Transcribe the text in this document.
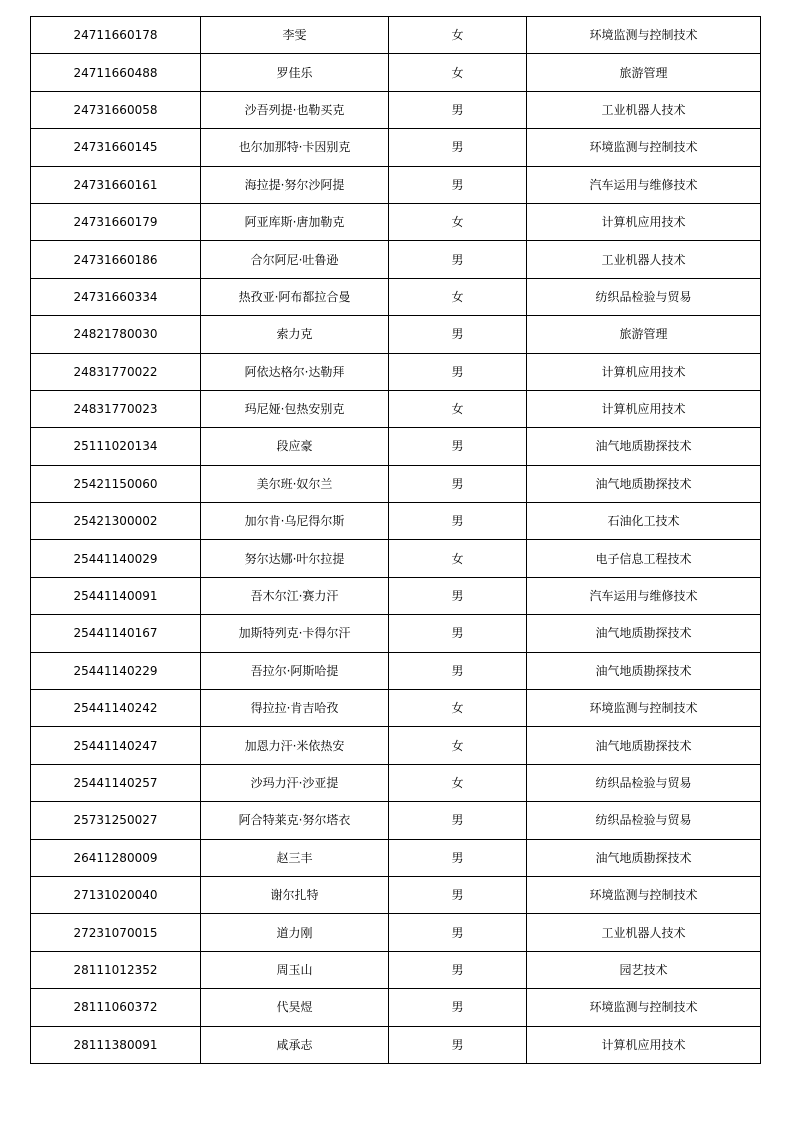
24711660178	李雯	女	环境监测与控制技术
24711660488	罗佳乐	女	旅游管理
24731660058	沙吾列提·也勒买克	男	工业机器人技术
24731660145	也尔加那特·卡因别克	男	环境监测与控制技术
24731660161	海拉提·努尔沙阿提	男	汽车运用与维修技术
24731660179	阿亚库斯·唐加勒克	女	计算机应用技术
24731660186	合尔阿尼·吐鲁逊	男	工业机器人技术
24731660334	热孜亚·阿布都拉合曼	女	纺织品检验与贸易
24821780030	索力克	男	旅游管理
24831770022	阿依达格尔·达勒拜	男	计算机应用技术
24831770023	玛尼娅·包热安别克	女	计算机应用技术
25111020134	段应豪	男	油气地质勘探技术
25421150060	美尔班·奴尔兰	男	油气地质勘探技术
25421300002	加尔肯·乌尼得尔斯	男	石油化工技术
25441140029	努尔达娜·叶尔拉提	女	电子信息工程技术
25441140091	吾木尔江·赛力汗	男	汽车运用与维修技术
25441140167	加斯特列克·卡得尔汗	男	油气地质勘探技术
25441140229	吾拉尔·阿斯哈提	男	油气地质勘探技术
25441140242	得拉拉·肯吉哈孜	女	环境监测与控制技术
25441140247	加恩力汗·米依热安	女	油气地质勘探技术
25441140257	沙玛力汗·沙亚提	女	纺织品检验与贸易
25731250027	阿合特莱克·努尔塔衣	男	纺织品检验与贸易
26411280009	赵三丰	男	油气地质勘探技术
27131020040	谢尔扎特	男	环境监测与控制技术
27231070015	道力刚	男	工业机器人技术
28111012352	周玉山	男	园艺技术
28111060372	代昊煜	男	环境监测与控制技术
28111380091	咸承志	男	计算机应用技术
